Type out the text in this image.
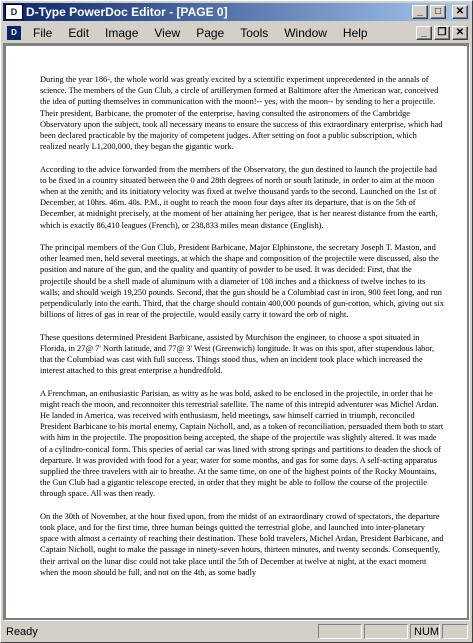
D D-Type PowerDoc Editor - [PAGE 0]	_ □ ✕
D	File	Edit	Image	View	Page	Tools	Window	Help	_ ❐ ✕

During the year 186-, the whole world was greatly excited by a scientific experiment unprecedented in the annals of science. The members of the Gun Club, a circle of artillerymen formed at Baltimore after the American war, conceived the idea of putting themselves in communication with the moon!-- yes, with the moon-- by sending to her a projectile. Their president, Barbicane, the promoter of the enterprise, having consulted the astronomers of the Cambridge Observatory upon the subject, took all necessary means to ensure the success of this extraordinary enterprise, which had been declared practicable by the majority of competent judges. After setting on foot a public subscription, which realized nearly L1,200,000, they began the gigantic work.

According to the advice forwarded from the members of the Observatory, the gun destined to launch the projectile had to be fixed in a country situated between the 0 and 28th degrees of north or south latitude, in order to aim at the moon when at the zenith; and its initiatory velocity was fixed at twelve thousand yards to the second. Launched on the 1st of December, at 10hrs. 46m. 40s. P.M., it ought to reach the moon four days after its departure, that is on the 5th of December, at midnight precisely, at the moment of her attaining her perigee, that is her nearest distance from the earth, which is exactly 86,410 leagues (French), or 238,833 miles mean distance (English).

The principal members of the Gun Club, President Barbicane, Major Elphinstone, the secretary Joseph T. Maston, and other learned men, held several meetings, at which the shape and composition of the projectile were discussed, also the position and nature of the gun, and the quality and quantity of powder to be used. It was decided: First, that the projectile should be a shell made of aluminum with a diameter of 108 inches and a thickness of twelve inches to its walls; and should weigh 19,250 pounds. Second, that the gun should be a Columbiad cast in iron, 900 feet long, and run perpendicularly into the earth. Third, that the charge should contain 400,000 pounds of gun-cotton, which, giving out six billions of litres of gas in rear of the projectile, would easily carry it toward the orb of night.

These questions determined President Barbicane, assisted by Murchison the engineer, to choose a spot situated in Florida, in 27@ 7' North latitude, and 77@ 3' West (Greenwich) longitude. It was on this spot, after stupendous labor, that the Columbiad was cast with full success. Things stood thus, when an incident took place which increased the interest attached to this great enterprise a hundredfold.

A Frenchman, an enthusiastic Parisian, as witty as he was bold, asked to be enclosed in the projectile, in order that he might reach the moon, and reconnoiter this terrestrial satellite. The name of this intrepid adventurer was Michel Ardan. He landed in America, was received with enthusiasm, held meetings, saw himself carried in triumph, reconciled President Barbicane to his mortal enemy, Captain Nicholl, and, as a token of reconciliation, persuaded them both to start with him in the projectile. The proposition being accepted, the shape of the projectile was slightly altered. It was made of a cylindro-conical form. This species of aerial car was lined with strong springs and partitions to deaden the shock of departure. It was provided with food for a year, water for some months, and gas for some days. A self-acting apparatus supplied the three travelers with air to breathe. At the same time, on one of the highest points of the Rocky Mountains, the Gun Club had a gigantic telescope erected, in order that they might be able to follow the course of the projectile through space. All was then ready.

On the 30th of November, at the hour fixed upon, from the midst of an extraordinary crowd of spectators, the departure took place, and for the first time, three human beings quitted the terrestrial globe, and launched into inter-planetary space with almost a certainty of reaching their destination. These bold travelers, Michel Ardan, President Barbicane, and Captain Nicholl, ought to make the passage in ninety-seven hours, thirteen minutes, and twenty seconds. Consequently, their arrival on the lunar disc could not take place until the 5th of December at twelve at night, at the exact moment when the moon should be full, and not on the 4th, as some badly

Ready	NUM
